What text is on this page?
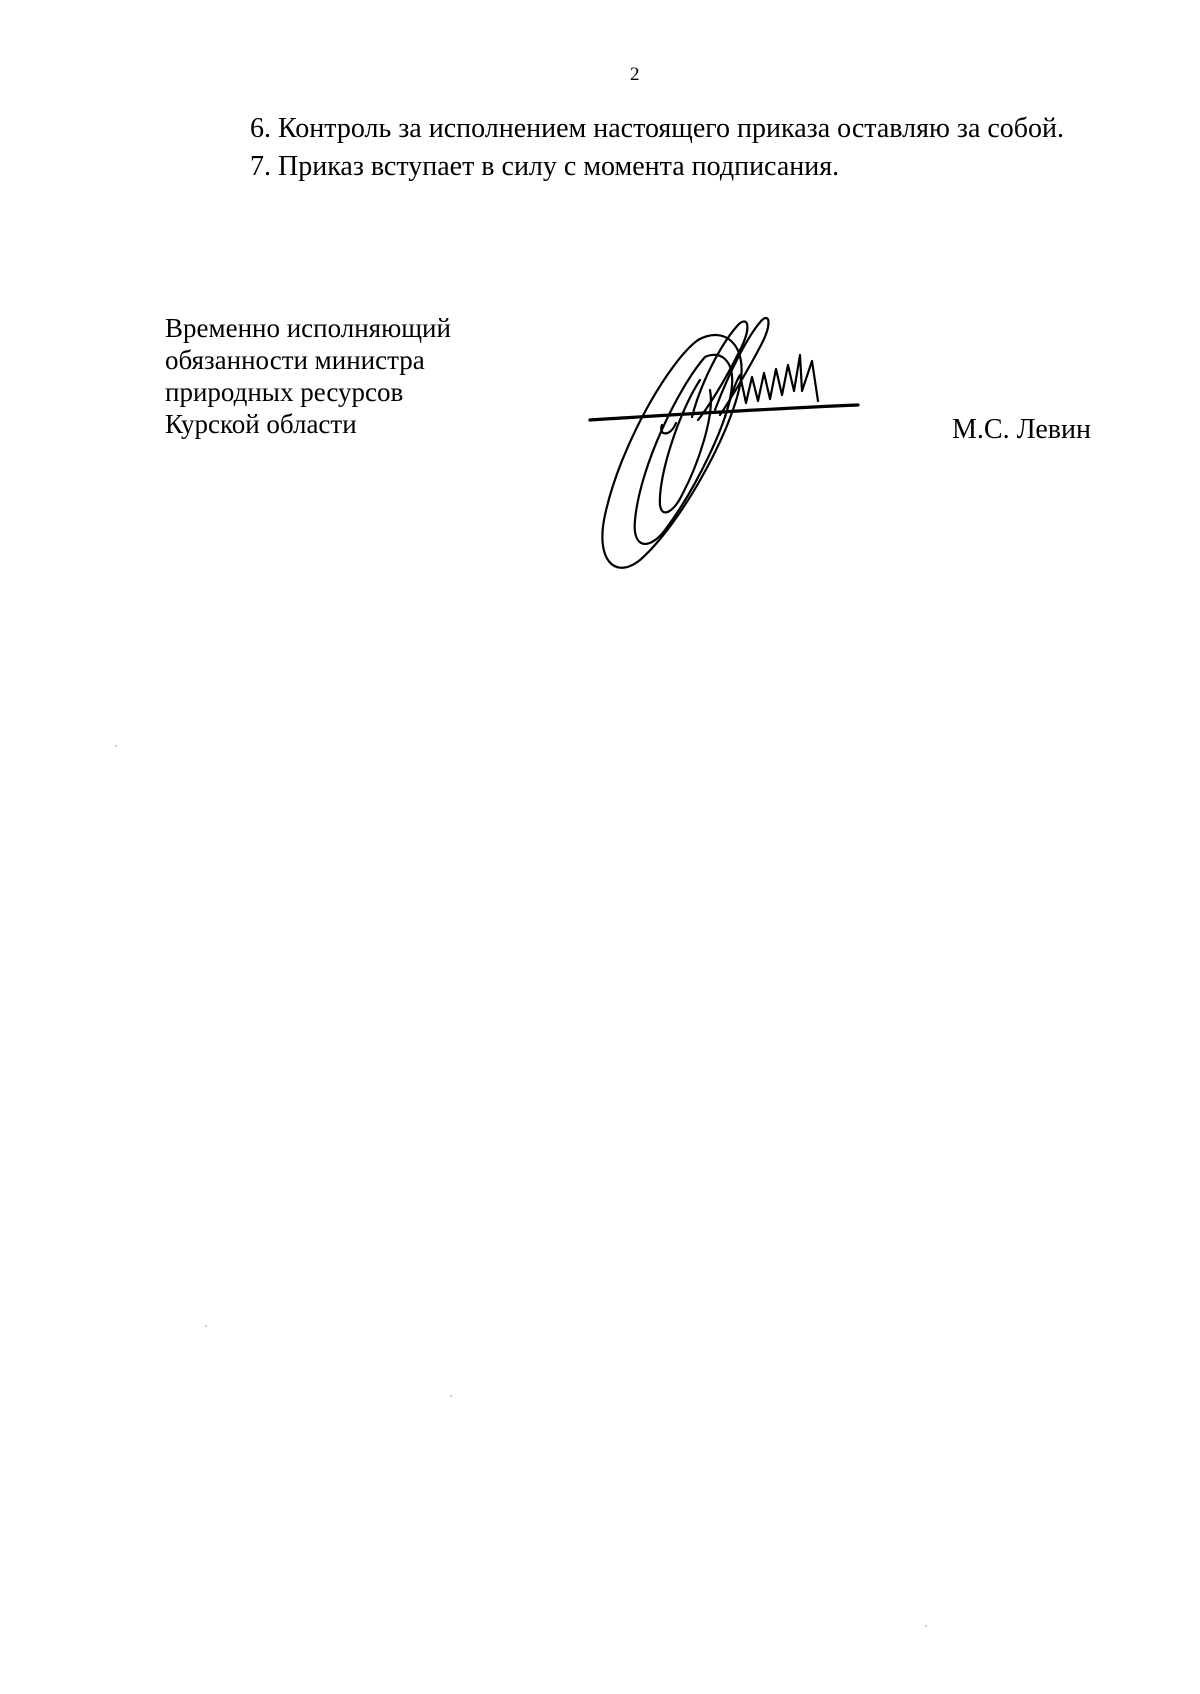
2
6. Контроль за исполнением настоящего приказа оставляю за собой.
7. Приказ вступает в силу с момента подписания.
Временно исполняющий
обязанности министра
природных ресурсов
Курской области	М.С. Левин
